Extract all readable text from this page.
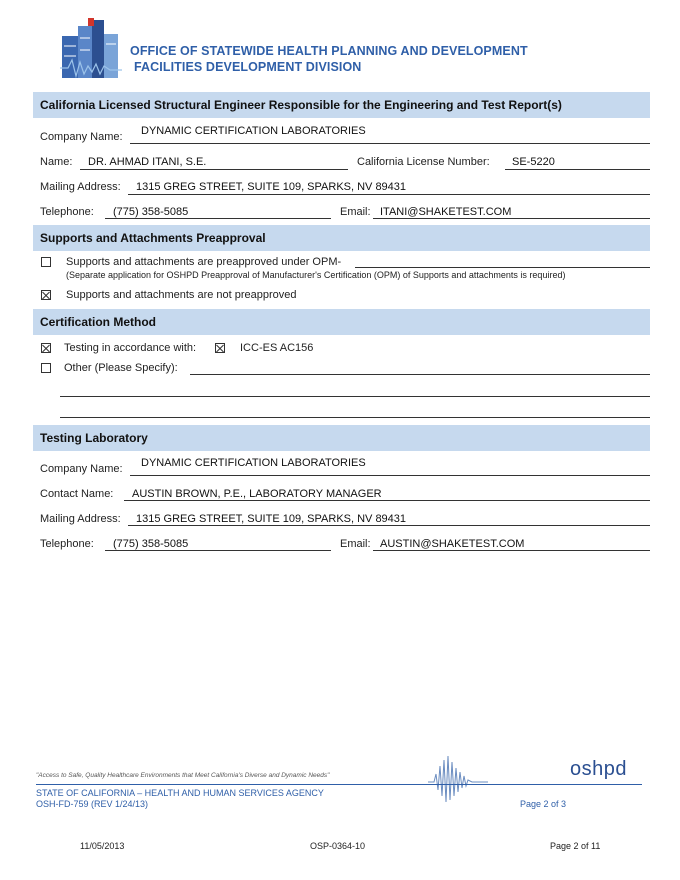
OFFICE OF STATEWIDE HEALTH PLANNING AND DEVELOPMENT
FACILITIES DEVELOPMENT DIVISION
California Licensed Structural Engineer Responsible for the Engineering and Test Report(s)
Company Name: DYNAMIC CERTIFICATION LABORATORIES
Name: DR. AHMAD ITANI, S.E.	California License Number: SE-5220
Mailing Address: 1315 GREG STREET, SUITE 109, SPARKS, NV 89431
Telephone: (775) 358-5085	Email: ITANI@SHAKETEST.COM
Supports and Attachments Preapproval
Supports and attachments are preapproved under OPM-
(Separate application for OSHPD Preapproval of Manufacturer's Certification (OPM) of Supports and attachments is required)
Supports and attachments are not preapproved
Certification Method
Testing in accordance with:	ICC-ES AC156
Other (Please Specify):
Testing Laboratory
Company Name: DYNAMIC CERTIFICATION LABORATORIES
Contact Name: AUSTIN BROWN, P.E., LABORATORY MANAGER
Mailing Address: 1315 GREG STREET, SUITE 109, SPARKS, NV 89431
Telephone: (775) 358-5085	Email: AUSTIN@SHAKETEST.COM
"Access to Safe, Quality Healthcare Environments that Meet California's Diverse and Dynamic Needs"	oshpd
STATE OF CALIFORNIA – HEALTH AND HUMAN SERVICES AGENCY
OSH-FD-759 (REV 1/24/13)	Page 2 of 3
11/05/2013	OSP-0364-10	Page 2 of 11
